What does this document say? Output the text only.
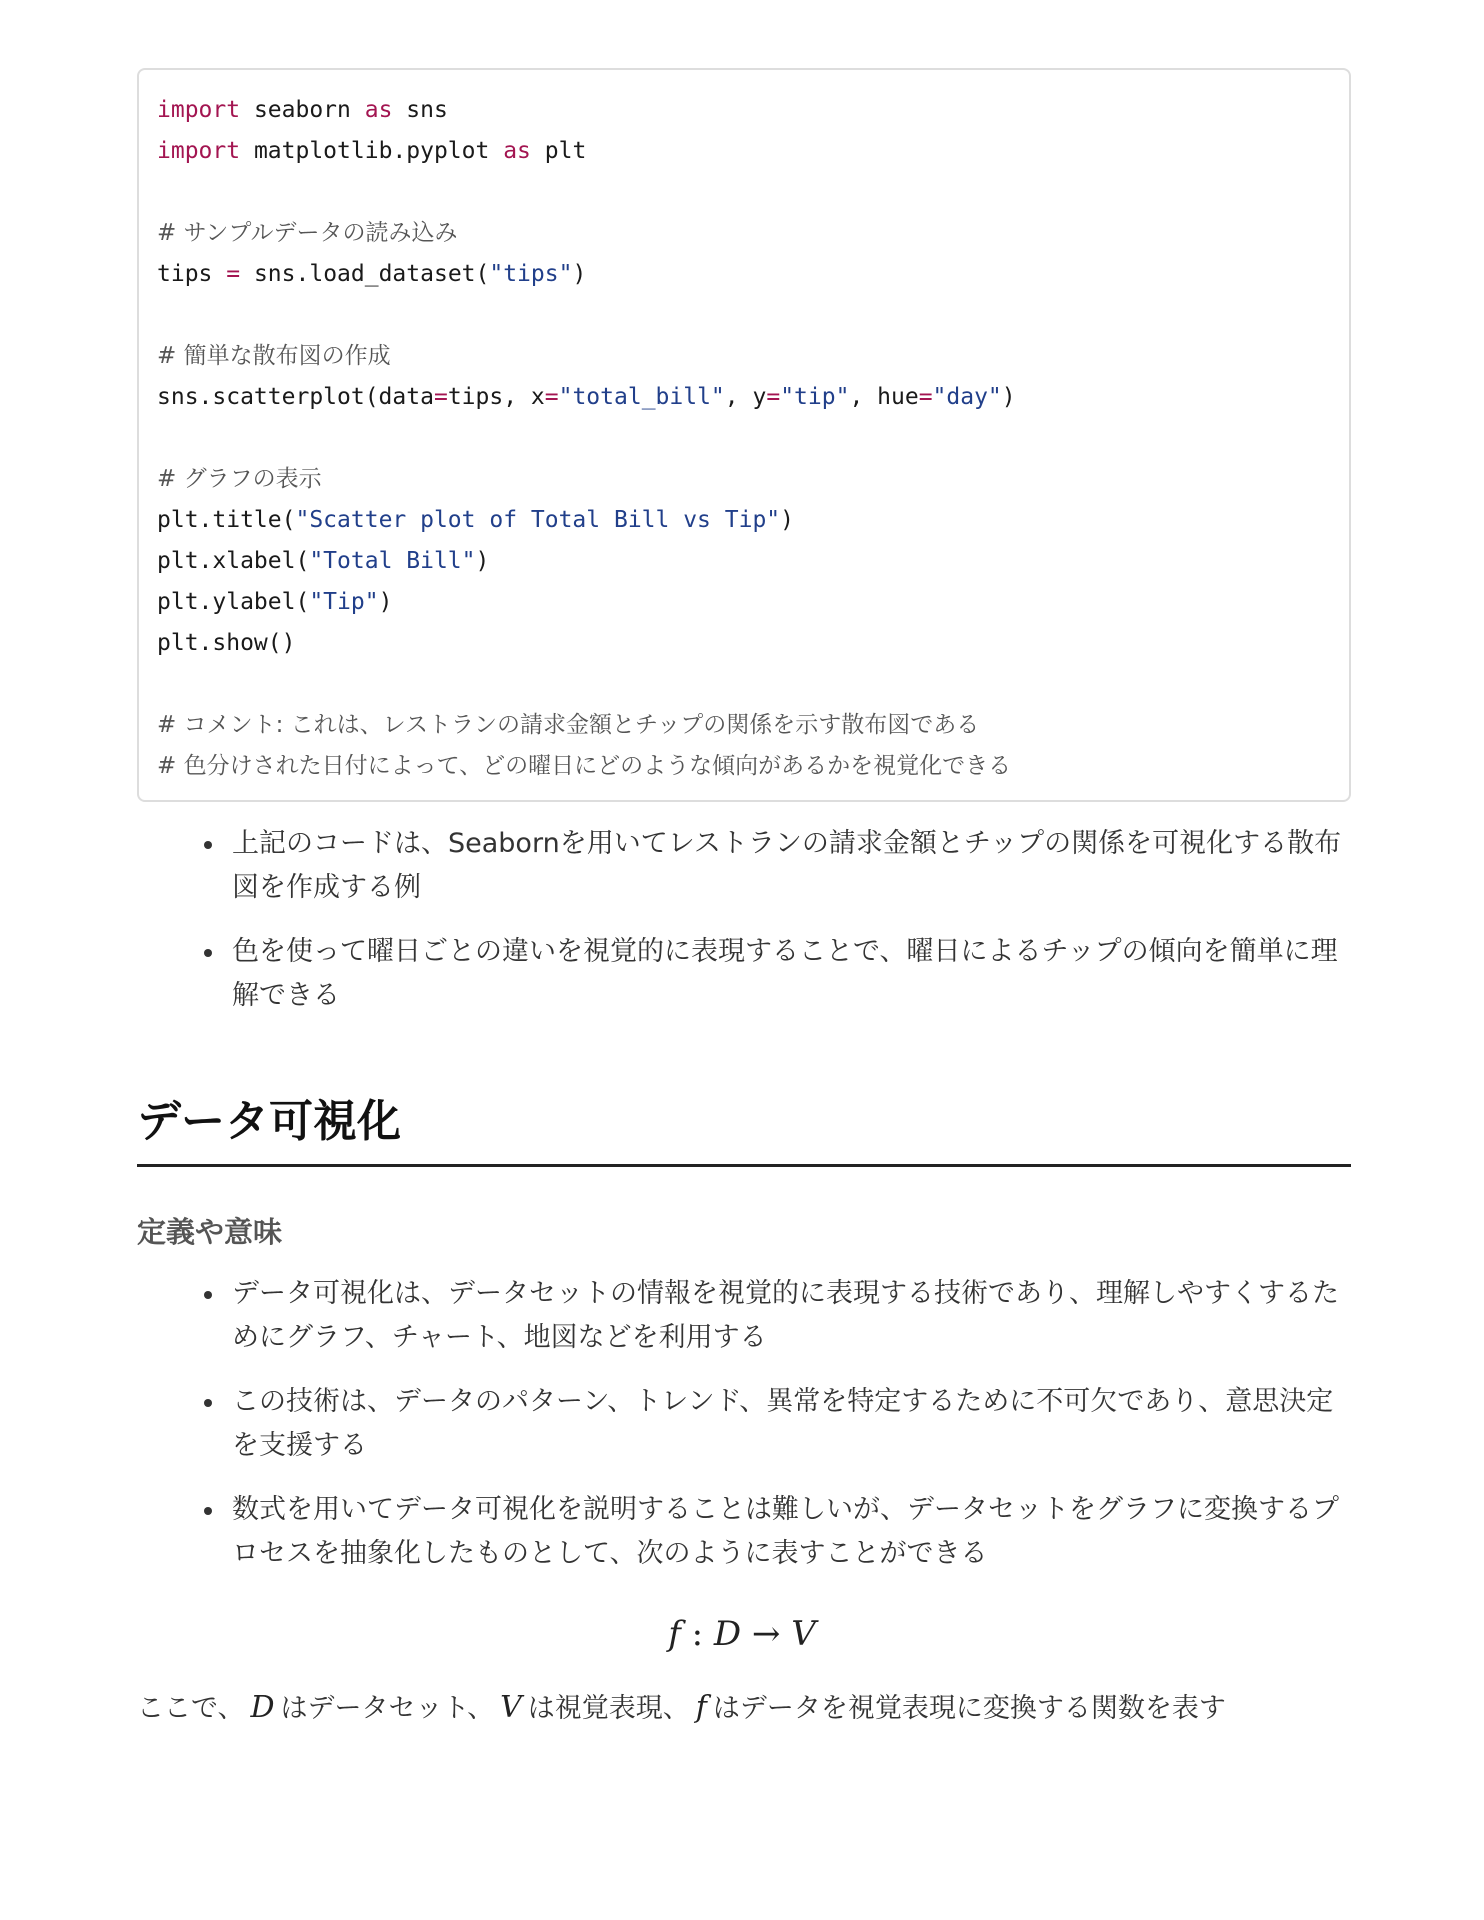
import seaborn as sns
import matplotlib.pyplot as plt
# サンプルデータの読み込み
tips = sns.load_dataset("tips")
# 簡単な散布図の作成
sns.scatterplot(data=tips, x="total_bill", y="tip", hue="day")
# グラフの表示
plt.title("Scatter plot of Total Bill vs Tip")
plt.xlabel("Total Bill")
plt.ylabel("Tip")
plt.show()
# コメント: これは、レストランの請求金額とチップの関係を示す散布図である
# 色分けされた日付によって、どの曜日にどのような傾向があるかを視覚化できる
上記のコードは、Seabornを用いてレストランの請求金額とチップの関係を可視化する散布図を作成する例
色を使って曜日ごとの違いを視覚的に表現することで、曜日によるチップの傾向を簡単に理解できる
データ可視化
定義や意味
データ可視化は、データセットの情報を視覚的に表現する技術であり、理解しやすくするためにグラフ、チャート、地図などを利用する
この技術は、データのパターン、トレンド、異常を特定するために不可欠であり、意思決定を支援する
数式を用いてデータ可視化を説明することは難しいが、データセットをグラフに変換するプロセスを抽象化したものとして、次のように表すことができる
f : D → V

ここで、 D はデータセット、 V は視覚表現、 f はデータを視覚表現に変換する関数を表す
